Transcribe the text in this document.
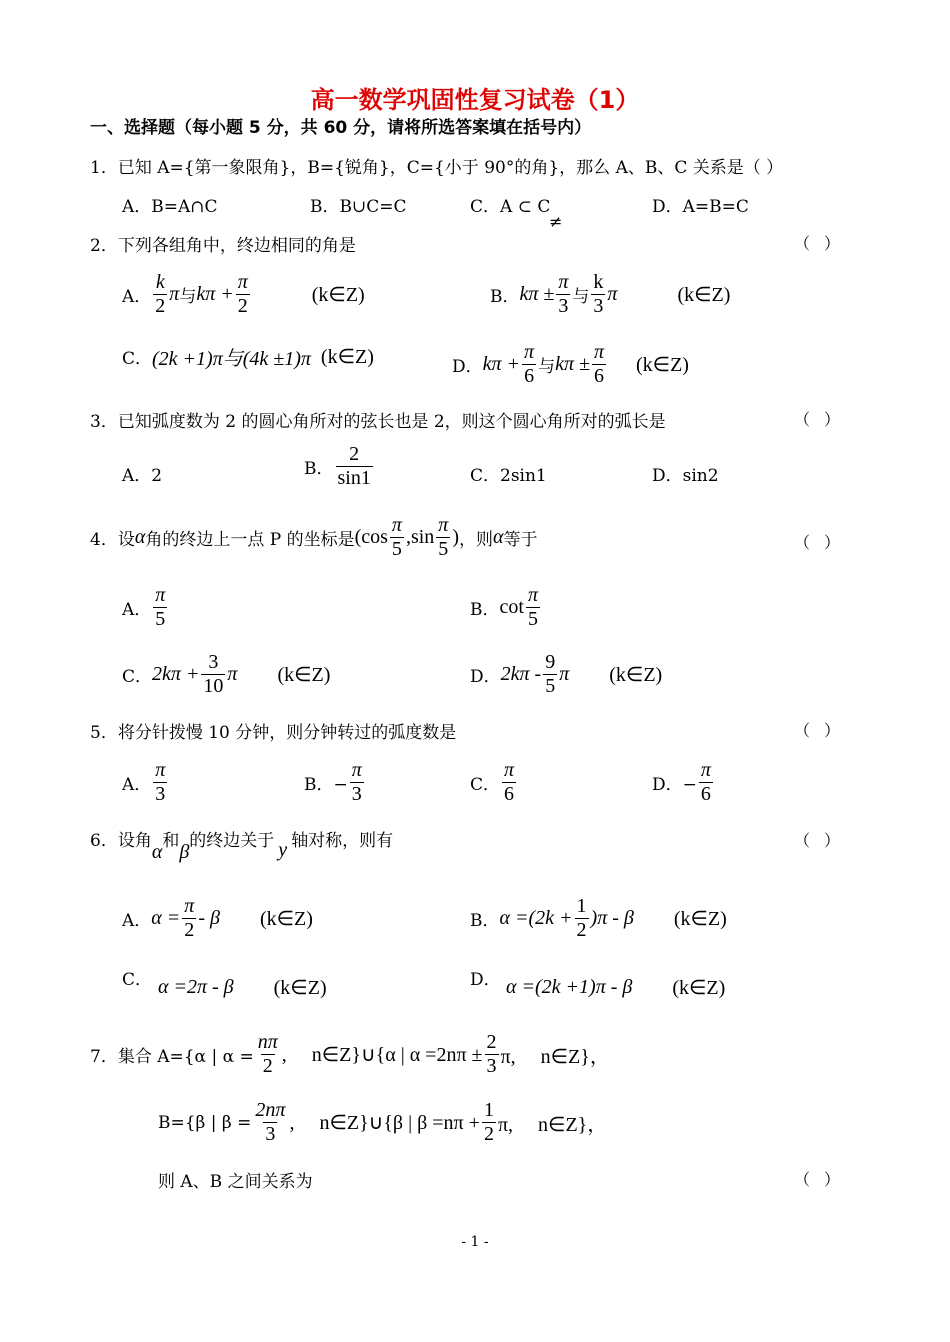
高一数学巩固性复习试卷（1）
一、选择题（每小题 5 分，共 60 分，请将所选答案填在括号内）
1．已知 A={第一象限角}，B={锐角}，C={小于 90°的角}，那么 A、B、C 关系是（ ）
A．B=A∩C	B．B∪C=C	C．A ⊂ C
≠
D．A=B=C
2．下列各组角中，终边相同的角是	（）
A．
k
2
π 与 $k\pi + \frac{\pi}{2}$	(k∈Z)	B． $k\pi \pm \frac{\pi}{3}$ 与
k
3
π	(k∈Z)
C． (2k +1)π与(4k ±1)π (k∈Z)	D． $k\pi + \frac{\pi}{6}$ 与 $k\pi \pm \frac{\pi}{6}$ (k∈Z)
3．已知弧度数为 2 的圆心角所对的弦长也是 2，则这个圆心角所对的弧长是	（）
A．2	B．
2
sin1	C．2sin1	D．sin2
4．设 α 角的终边上一点 P 的坐标是 (cos
π
5
,sin
π
5
) ，则 α 等于	（）
A．
π
5	B． cot
π
5
C． $2k\pi + \frac{3}{10}$ π (k∈Z)	D． 2kπ -
9
5
π (k∈Z)
5．将分针拨慢 10 分钟，则分钟转过的弧度数是	（）
A．
π
3	B．−
π
3	C．
π
6	D．−
π
6
6．设角 α 和 β 的终边关于 y 轴对称，则有	（）
A． $\alpha = \frac{\pi}{2} - \beta$ (k∈Z)	B． $\alpha =(2k + \frac{1}{2} )\pi - \beta$ (k∈Z)
C． α =2π - β (k∈Z)	D． α =(2k +1)π - β (k∈Z)
7．集合 A={α | α =
nπ
2 ,     n∈Z}∪{α | α =2nπ ±
2
3 π,     n∈Z}，
B={β | β =
2nπ
3 ,     n∈Z}∪{β | β =nπ +
1
2 π,     n∈Z}，
则 A、B 之间关系为	（）
- 1 -
